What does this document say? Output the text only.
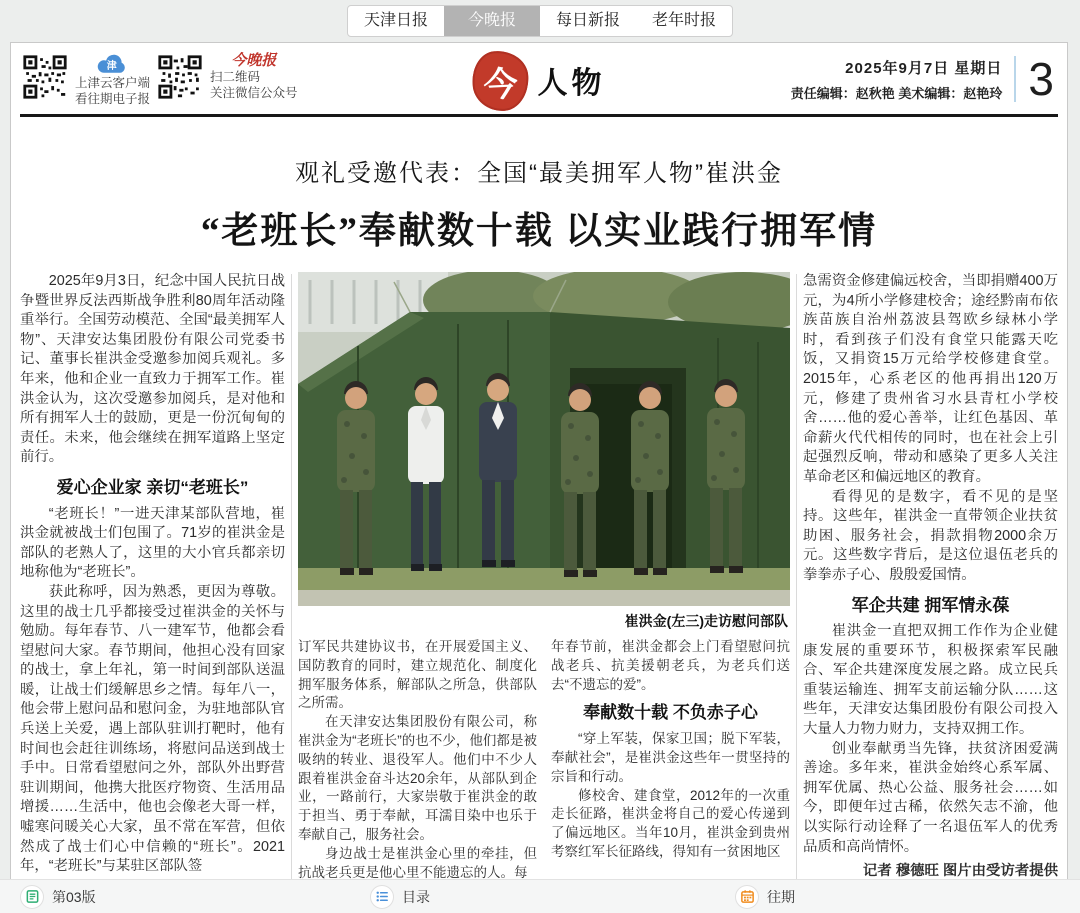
天津日报	今晚报	每日新报	老年时报
津
上津云客户端
看往期电子报
今晚报
扫二维码
关注微信公众号	今 人物	2025年9月7日 星期日
责任编辑：赵秋艳 美术编辑：赵艳玲 3
观礼受邀代表：全国“最美拥军人物”崔洪金
“老班长”奉献数十载 以实业践行拥军情

2025年9月3日，纪念中国人民抗日战争暨世界反法西斯战争胜利80周年活动隆重举行。全国劳动模范、全国“最美拥军人物”、天津安达集团股份有限公司党委书记、董事长崔洪金受邀参加阅兵观礼。多年来，他和企业一直致力于拥军工作。崔洪金认为，这次受邀参加阅兵，是对他和所有拥军人士的鼓励，更是一份沉甸甸的责任。未来，他会继续在拥军道路上坚定前行。

爱心企业家 亲切“老班长”

“老班长！”一进天津某部队营地，崔洪金就被战士们包围了。71岁的崔洪金是部队的老熟人了，这里的大小官兵都亲切地称他为“老班长”。

获此称呼，因为熟悉，更因为尊敬。这里的战士几乎都接受过崔洪金的关怀与勉励。每年春节、八一建军节，他都会看望慰问大家。春节期间，他担心没有回家的战士，拿上年礼，第一时间到部队送温暖，让战士们缓解思乡之情。每年八一，他会带上慰问品和慰问金，为驻地部队官兵送上关爱，遇上部队驻训打靶时，他有时间也会赶往训练场，将慰问品送到战士手中。日常看望慰问之外，部队外出野营驻训期间，他携大批医疗物资、生活用品增援……生活中，他也会像老大哥一样，嘘寒问暖关心大家，虽不常在军营，但依然成了战士们心中信赖的“班长”。2021年，“老班长”与某驻区部队签

崔洪金(左三)走访慰问部队

订军民共建协议书，在开展爱国主义、国防教育的同时，建立规范化、制度化拥军服务体系，解部队之所急，供部队之所需。

在天津安达集团股份有限公司，称崔洪金为“老班长”的也不少，他们都是被吸纳的转业、退役军人。他们中不少人跟着崔洪金奋斗达20余年，从部队到企业，一路前行，大家崇敬于崔洪金的敢于担当、勇于奉献，耳濡目染中也乐于奉献自己，服务社会。

身边战士是崔洪金心里的牵挂，但抗战老兵更是他心里不能遗忘的人。每

年春节前，崔洪金都会上门看望慰问抗战老兵、抗美援朝老兵，为老兵们送去“不遗忘的爱”。

奉献数十载 不负赤子心

“穿上军装，保家卫国；脱下军装，奉献社会”，是崔洪金这些年一贯坚持的宗旨和行动。

修校舍、建食堂，2012年的一次重走长征路，崔洪金将自己的爱心传递到了偏远地区。当年10月，崔洪金到贵州考察红军长征路线，得知有一贫困地区

急需资金修建偏远校舍，当即捐赠400万元，为4所小学修建校舍；途经黔南布依族苗族自治州荔波县驾欧乡绿林小学时，看到孩子们没有食堂只能露天吃饭，又捐资15万元给学校修建食堂。2015年，心系老区的他再捐出120万元，修建了贵州省习水县青杠小学校舍……他的爱心善举，让红色基因、革命薪火代代相传的同时，也在社会上引起强烈反响，带动和感染了更多人关注革命老区和偏远地区的教育。

看得见的是数字，看不见的是坚持。这些年，崔洪金一直带领企业扶贫助困、服务社会，捐款捐物2000余万元。这些数字背后，是这位退伍老兵的拳拳赤子心、殷殷爱国情。

军企共建 拥军情永葆

崔洪金一直把双拥工作作为企业健康发展的重要环节，积极探索军民融合、军企共建深度发展之路。成立民兵重装运输连、拥军支前运输分队……这些年，天津安达集团股份有限公司投入大量人力物力财力，支持双拥工作。

创业奉献勇当先锋，扶贫济困爱满善途。多年来，崔洪金始终心系军属、拥军优属、热心公益、服务社会……如今，即便年过古稀，依然矢志不渝，他以实际行动诠释了一名退伍军人的优秀品质和高尚情怀。

记者 穆德旺 图片由受访者提供
第03版	目录	往期
